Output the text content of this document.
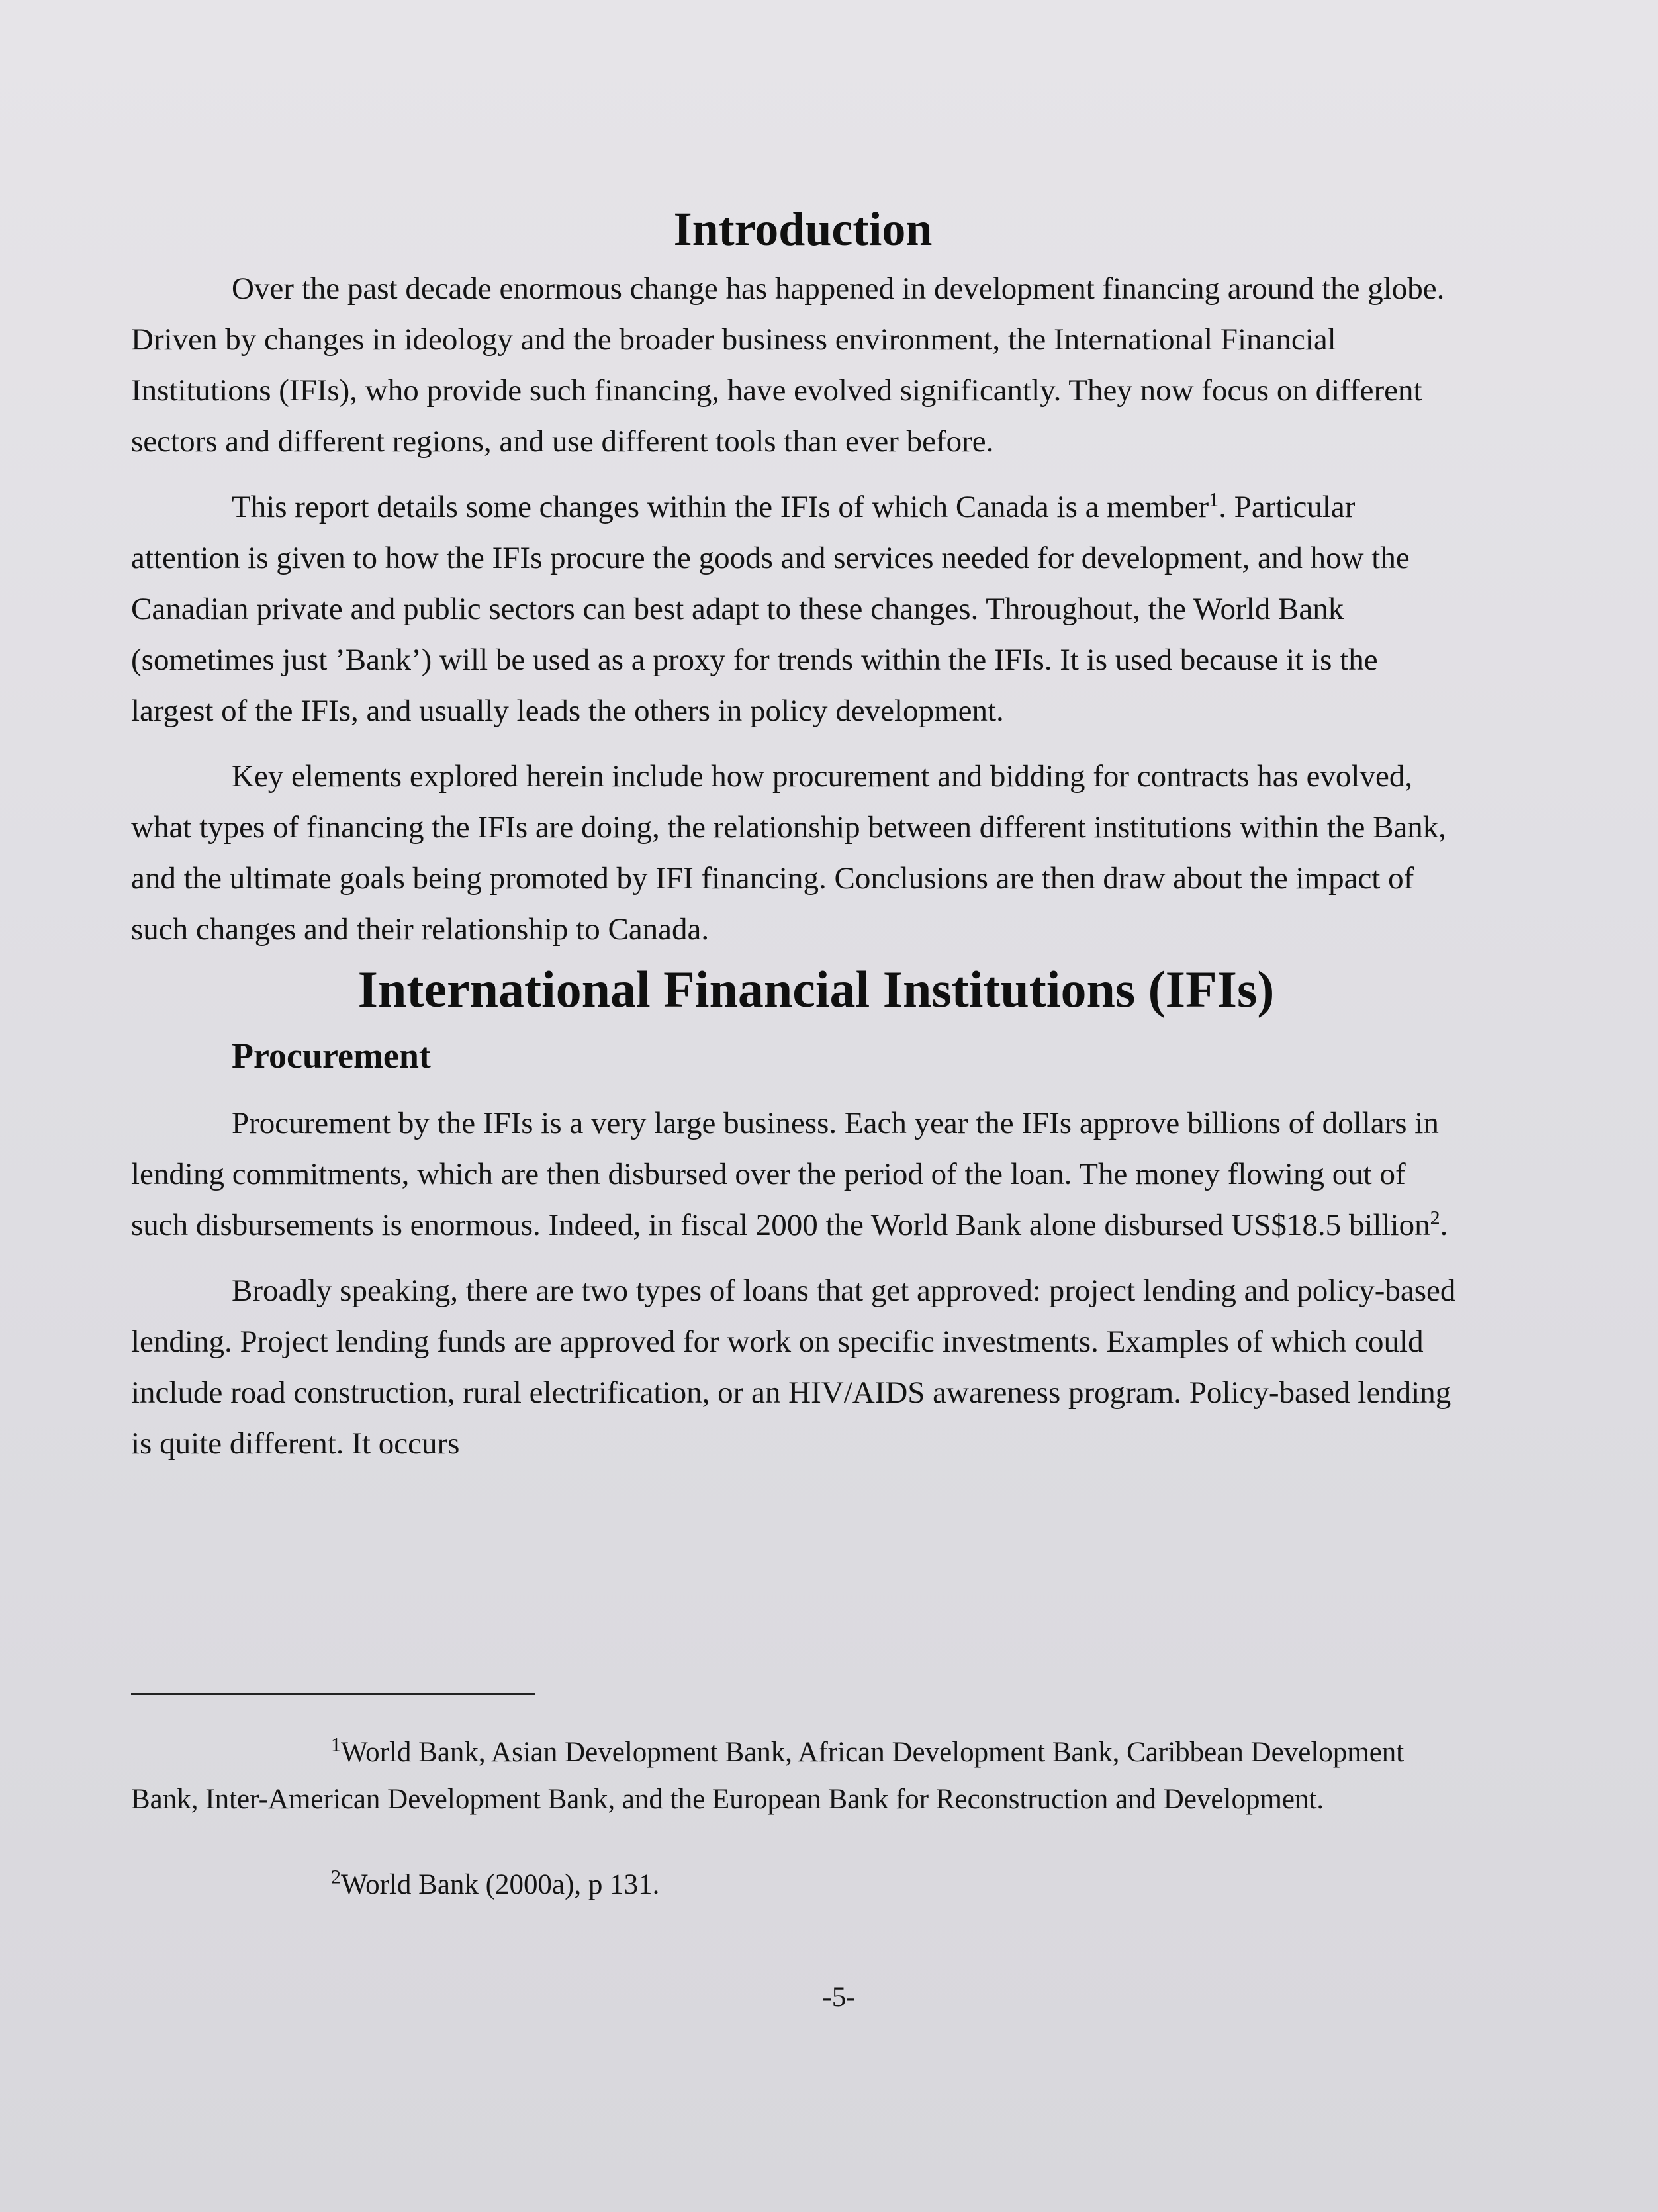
Introduction

Over the past decade enormous change has happened in development financing around the globe. Driven by changes in ideology and the broader business environment, the International Financial Institutions (IFIs), who provide such financing, have evolved significantly. They now focus on different sectors and different regions, and use different tools than ever before.

This report details some changes within the IFIs of which Canada is a member$^1$. Particular attention is given to how the IFIs procure the goods and services needed for development, and how the Canadian private and public sectors can best adapt to these changes. Throughout, the World Bank (sometimes just ’Bank’) will be used as a proxy for trends within the IFIs. It is used because it is the largest of the IFIs, and usually leads the others in policy development.

Key elements explored herein include how procurement and bidding for contracts has evolved, what types of financing the IFIs are doing, the relationship between different institutions within the Bank, and the ultimate goals being promoted by IFI financing. Conclusions are then draw about the impact of such changes and their relationship to Canada.

International Financial Institutions (IFIs)
Procurement

Procurement by the IFIs is a very large business. Each year the IFIs approve billions of dollars in lending commitments, which are then disbursed over the period of the loan. The money flowing out of such disbursements is enormous. Indeed, in fiscal 2000 the World Bank alone disbursed US$18.5 billion$^2$.

Broadly speaking, there are two types of loans that get approved: project lending and policy-based lending. Project lending funds are approved for work on specific investments. Examples of which could include road construction, rural electrification, or an HIV/AIDS awareness program. Policy-based lending is quite different. It occurs

$^1$World Bank, Asian Development Bank, African Development Bank, Caribbean Development Bank, Inter-American Development Bank, and the European Bank for Reconstruction and Development.

$^2$World Bank (2000a), p 131.

-5-
